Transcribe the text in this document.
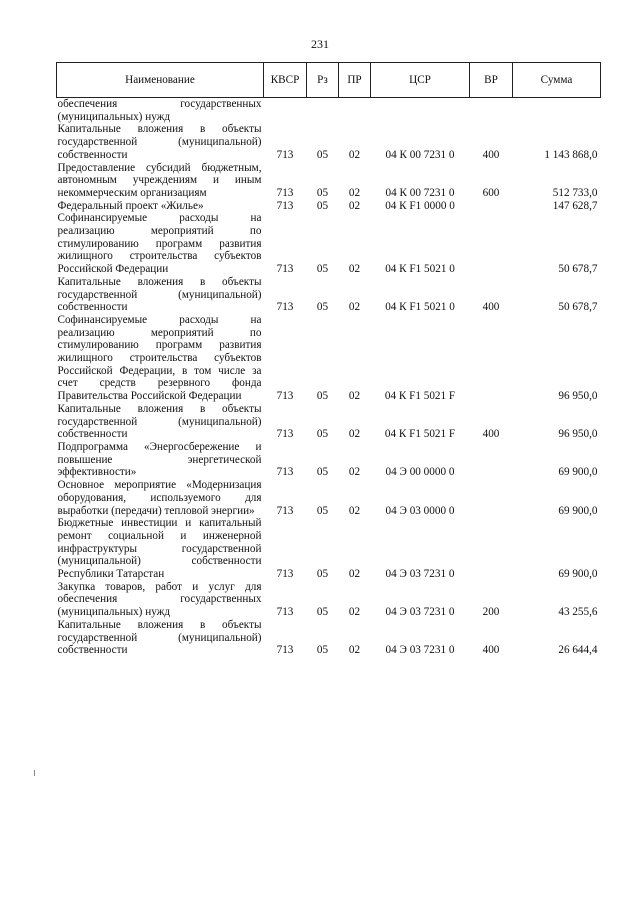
231
Наименование	КВСР	Рз	ПР	ЦСР	ВР	Сумма
обеспечения государственных (муниципальных) нужд						
Капитальные вложения в объекты государственной (муниципальной) собственности	713	05	02	04 К 00 7231 0	400	1 143 868,0
Предоставление субсидий бюджетным, автономным учреждениям и иным некоммерческим организациям	713	05	02	04 К 00 7231 0	600	512 733,0
Федеральный проект «Жилье»	713	05	02	04 К F1 0000 0		147 628,7
Софинансируемые расходы на реализацию мероприятий по стимулированию программ развития жилищного строительства субъектов Российской Федерации	713	05	02	04 К F1 5021 0		50 678,7
Капитальные вложения в объекты государственной (муниципальной) собственности	713	05	02	04 К F1 5021 0	400	50 678,7
Софинансируемые расходы на реализацию мероприятий по стимулированию программ развития жилищного строительства субъектов Российской Федерации, в том числе за счет средств резервного фонда Правительства Российской Федерации	713	05	02	04 К F1 5021 F		96 950,0
Капитальные вложения в объекты государственной (муниципальной) собственности	713	05	02	04 К F1 5021 F	400	96 950,0
Подпрограмма «Энергосбережение и повышение энергетической эффективности»	713	05	02	04 Э 00 0000 0		69 900,0
Основное мероприятие «Модернизация оборудования, используемого для выработки (передачи) тепловой энергии»	713	05	02	04 Э 03 0000 0		69 900,0
Бюджетные инвестиции и капитальный ремонт социальной и инженерной инфраструктуры государственной (муниципальной) собственности Республики Татарстан	713	05	02	04 Э 03 7231 0		69 900,0
Закупка товаров, работ и услуг для обеспечения государственных (муниципальных) нужд	713	05	02	04 Э 03 7231 0	200	43 255,6
Капитальные вложения в объекты государственной (муниципальной) собственности	713	05	02	04 Э 03 7231 0	400	26 644,4
